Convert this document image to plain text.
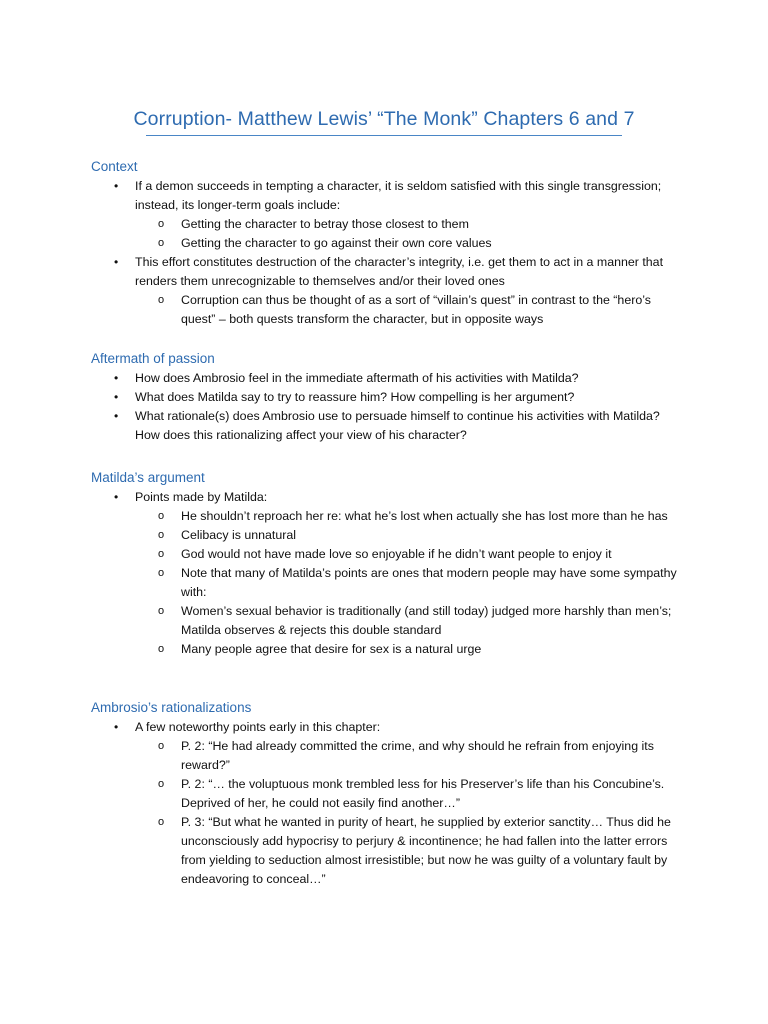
Corruption- Matthew Lewis’ “The Monk” Chapters 6 and 7
Context
• If a demon succeeds in tempting a character, it is seldom satisfied with this single transgression; instead, its longer-term goals include:
o Getting the character to betray those closest to them
o Getting the character to go against their own core values
• This effort constitutes destruction of the character’s integrity, i.e. get them to act in a manner that renders them unrecognizable to themselves and/or their loved ones
o Corruption can thus be thought of as a sort of “villain’s quest” in contrast to the “hero’s quest” – both quests transform the character, but in opposite ways
Aftermath of passion
• How does Ambrosio feel in the immediate aftermath of his activities with Matilda?
• What does Matilda say to try to reassure him? How compelling is her argument?
• What rationale(s) does Ambrosio use to persuade himself to continue his activities with Matilda? How does this rationalizing affect your view of his character?
Matilda’s argument
• Points made by Matilda:
o He shouldn’t reproach her re: what he’s lost when actually she has lost more than he has
o Celibacy is unnatural
o God would not have made love so enjoyable if he didn’t want people to enjoy it
o Note that many of Matilda’s points are ones that modern people may have some sympathy with:
o Women’s sexual behavior is traditionally (and still today) judged more harshly than men’s; Matilda observes & rejects this double standard
o Many people agree that desire for sex is a natural urge
Ambrosio’s rationalizations
• A few noteworthy points early in this chapter:
o P. 2: “He had already committed the crime, and why should he refrain from enjoying its reward?”
o P. 2: “… the voluptuous monk trembled less for his Preserver’s life than his Concubine’s. Deprived of her, he could not easily find another…”
o P. 3: “But what he wanted in purity of heart, he supplied by exterior sanctity… Thus did he unconsciously add hypocrisy to perjury & incontinence; he had fallen into the latter errors from yielding to seduction almost irresistible; but now he was guilty of a voluntary fault by endeavoring to conceal…”
